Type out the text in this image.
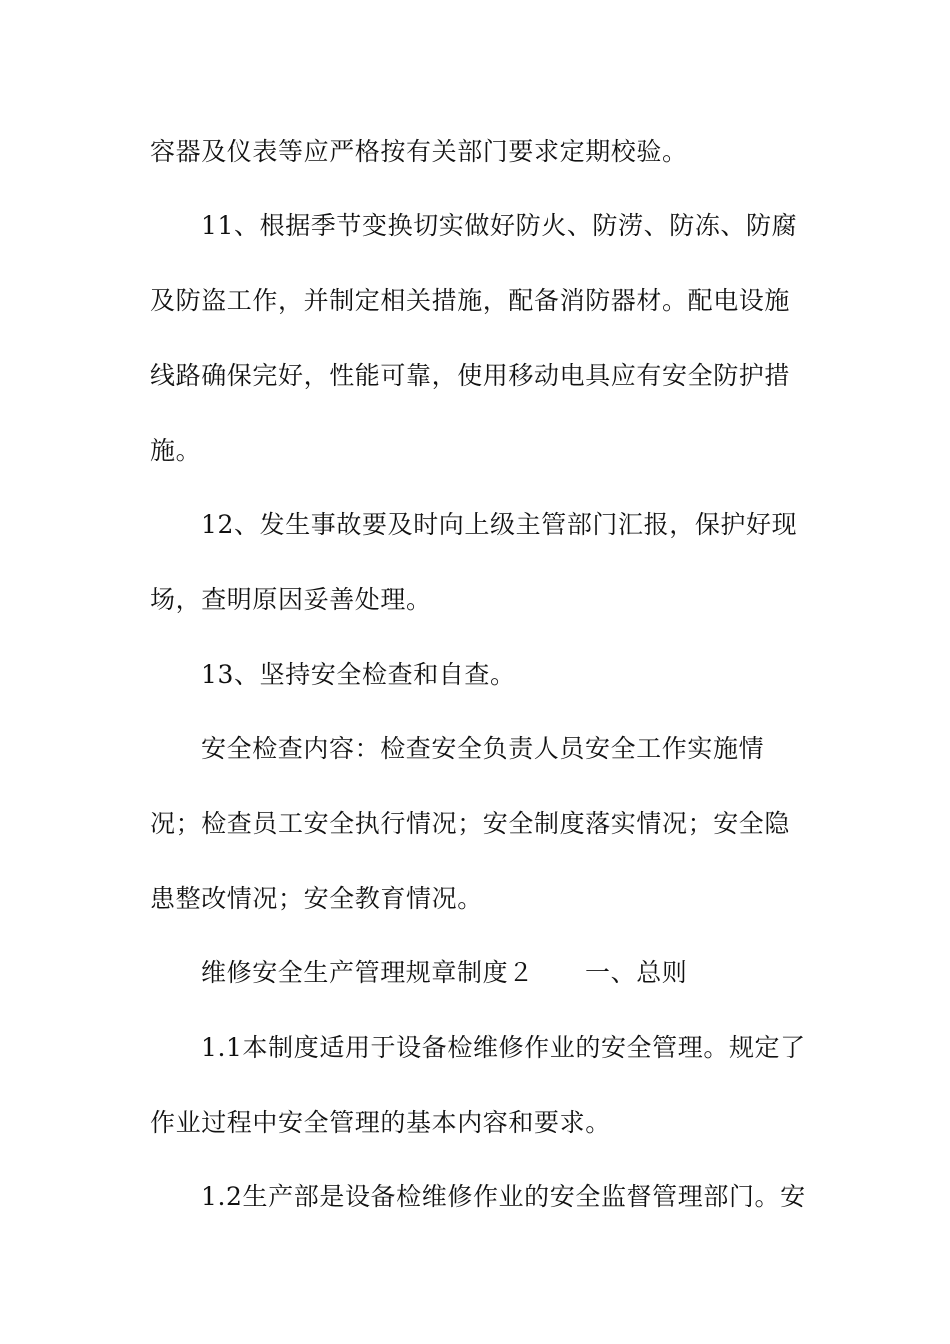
容器及仪表等应严格按有关部门要求定期校验。
11、根据季节变换切实做好防火、防涝、防冻、防腐
及防盗工作，并制定相关措施，配备消防器材。配电设施
线路确保完好，性能可靠，使用移动电具应有安全防护措
施。
12、发生事故要及时向上级主管部门汇报，保护好现
场，查明原因妥善处理。
13、坚持安全检查和自查。
安全检查内容：检查安全负责人员安全工作实施情
况；检查员工安全执行情况；安全制度落实情况；安全隐
患整改情况；安全教育情况。
维修安全生产管理规章制度２　　一、总则
1.1本制度适用于设备检维修作业的安全管理。规定了
作业过程中安全管理的基本内容和要求。
1.2生产部是设备检维修作业的安全监督管理部门。安
